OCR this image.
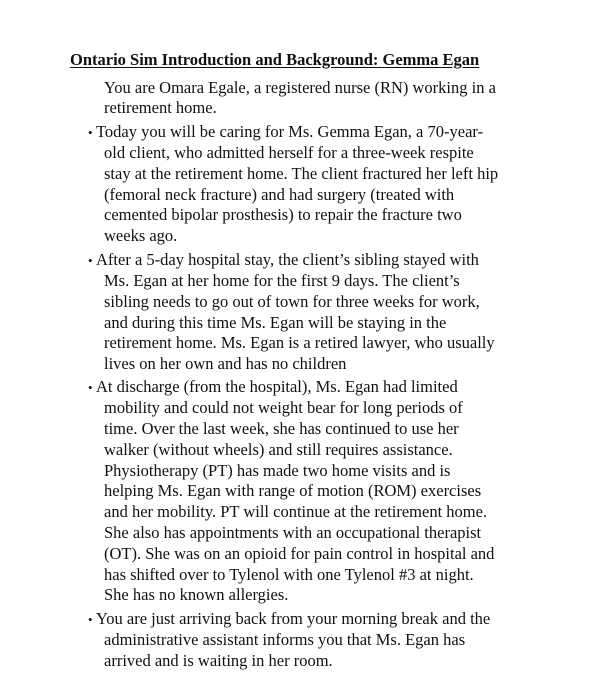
Ontario Sim Introduction and Background: Gemma Egan
You are Omara Egale, a registered nurse (RN) working in a
retirement home.
• Today you will be caring for Ms. Gemma Egan, a 70-year-
old client, who admitted herself for a three-week respite
stay at the retirement home. The client fractured her left hip
(femoral neck fracture) and had surgery (treated with
cemented bipolar prosthesis) to repair the fracture two
weeks ago.
• After a 5-day hospital stay, the client’s sibling stayed with
Ms. Egan at her home for the first 9 days. The client’s
sibling needs to go out of town for three weeks for work,
and during this time Ms. Egan will be staying in the
retirement home. Ms. Egan is a retired lawyer, who usually
lives on her own and has no children
• At discharge (from the hospital), Ms. Egan had limited
mobility and could not weight bear for long periods of
time. Over the last week, she has continued to use her
walker (without wheels) and still requires assistance.
Physiotherapy (PT) has made two home visits and is
helping Ms. Egan with range of motion (ROM) exercises
and her mobility. PT will continue at the retirement home.
She also has appointments with an occupational therapist
(OT). She was on an opioid for pain control in hospital and
has shifted over to Tylenol with one Tylenol #3 at night.
She has no known allergies.
• You are just arriving back from your morning break and the
administrative assistant informs you that Ms. Egan has
arrived and is waiting in her room.
